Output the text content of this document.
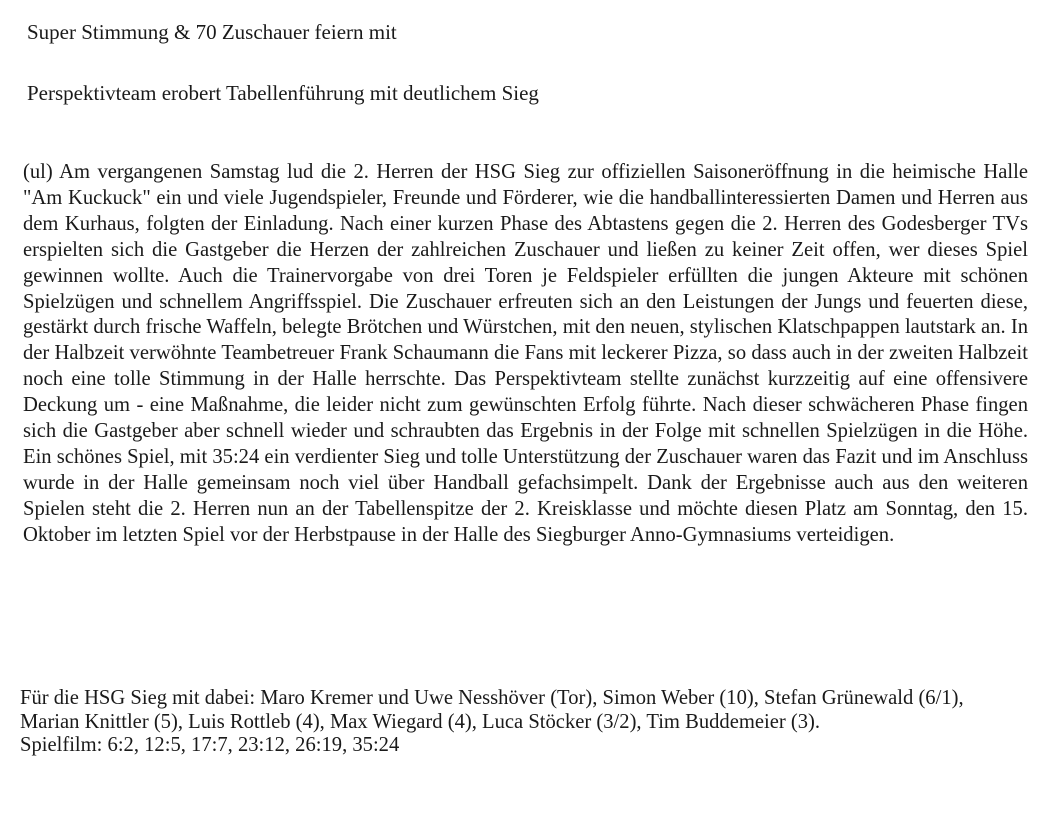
Super Stimmung & 70 Zuschauer feiern mit
Perspektivteam erobert Tabellenführung mit deutlichem Sieg

(ul) Am vergangenen Samstag lud die 2. Herren der HSG Sieg zur offiziellen Saisoneröffnung in die heimische Halle "Am Kuckuck" ein und viele Jugendspieler, Freunde und Förderer, wie die handballinteressierten Damen und Herren aus dem Kurhaus, folgten der Einladung. Nach einer kurzen Phase des Abtastens gegen die 2. Herren des Godesberger TVs erspielten sich die Gastgeber die Herzen der zahlreichen Zuschauer und ließen zu keiner Zeit offen, wer dieses Spiel gewinnen wollte. Auch die Trainervorgabe von drei Toren je Feldspieler erfüllten die jungen Akteure mit schönen Spielzügen und schnellem Angriffsspiel. Die Zuschauer erfreuten sich an den Leistungen der Jungs und feuerten diese, gestärkt durch frische Waffeln, belegte Brötchen und Würstchen, mit den neuen, stylischen Klatschpappen lautstark an. In der Halbzeit verwöhnte Teambetreuer Frank Schaumann die Fans mit leckerer Pizza, so dass auch in der zweiten Halbzeit noch eine tolle Stimmung in der Halle herrschte. Das Perspektivteam stellte zunächst kurzzeitig auf eine offensivere Deckung um - eine Maßnahme, die leider nicht zum gewünschten Erfolg führte. Nach dieser schwächeren Phase fingen sich die Gastgeber aber schnell wieder und schraubten das Ergebnis in der Folge mit schnellen Spielzügen in die Höhe. Ein schönes Spiel, mit 35:24 ein verdienter Sieg und tolle Unterstützung der Zuschauer waren das Fazit und im Anschluss wurde in der Halle gemeinsam noch viel über Handball gefachsimpelt. Dank der Ergebnisse auch aus den weiteren Spielen steht die 2. Herren nun an der Tabellenspitze der 2. Kreisklasse und möchte diesen Platz am Sonntag, den 15. Oktober im letzten Spiel vor der Herbstpause in der Halle des Siegburger Anno-Gymnasiums verteidigen.

Für die HSG Sieg mit dabei: Maro Kremer und Uwe Nesshöver (Tor), Simon Weber (10), Stefan Grünewald (6/1), Marian Knittler (5), Luis Rottleb (4), Max Wiegard (4), Luca Stöcker (3/2), Tim Buddemeier (3).
Spielfilm: 6:2, 12:5, 17:7, 23:12, 26:19, 35:24
